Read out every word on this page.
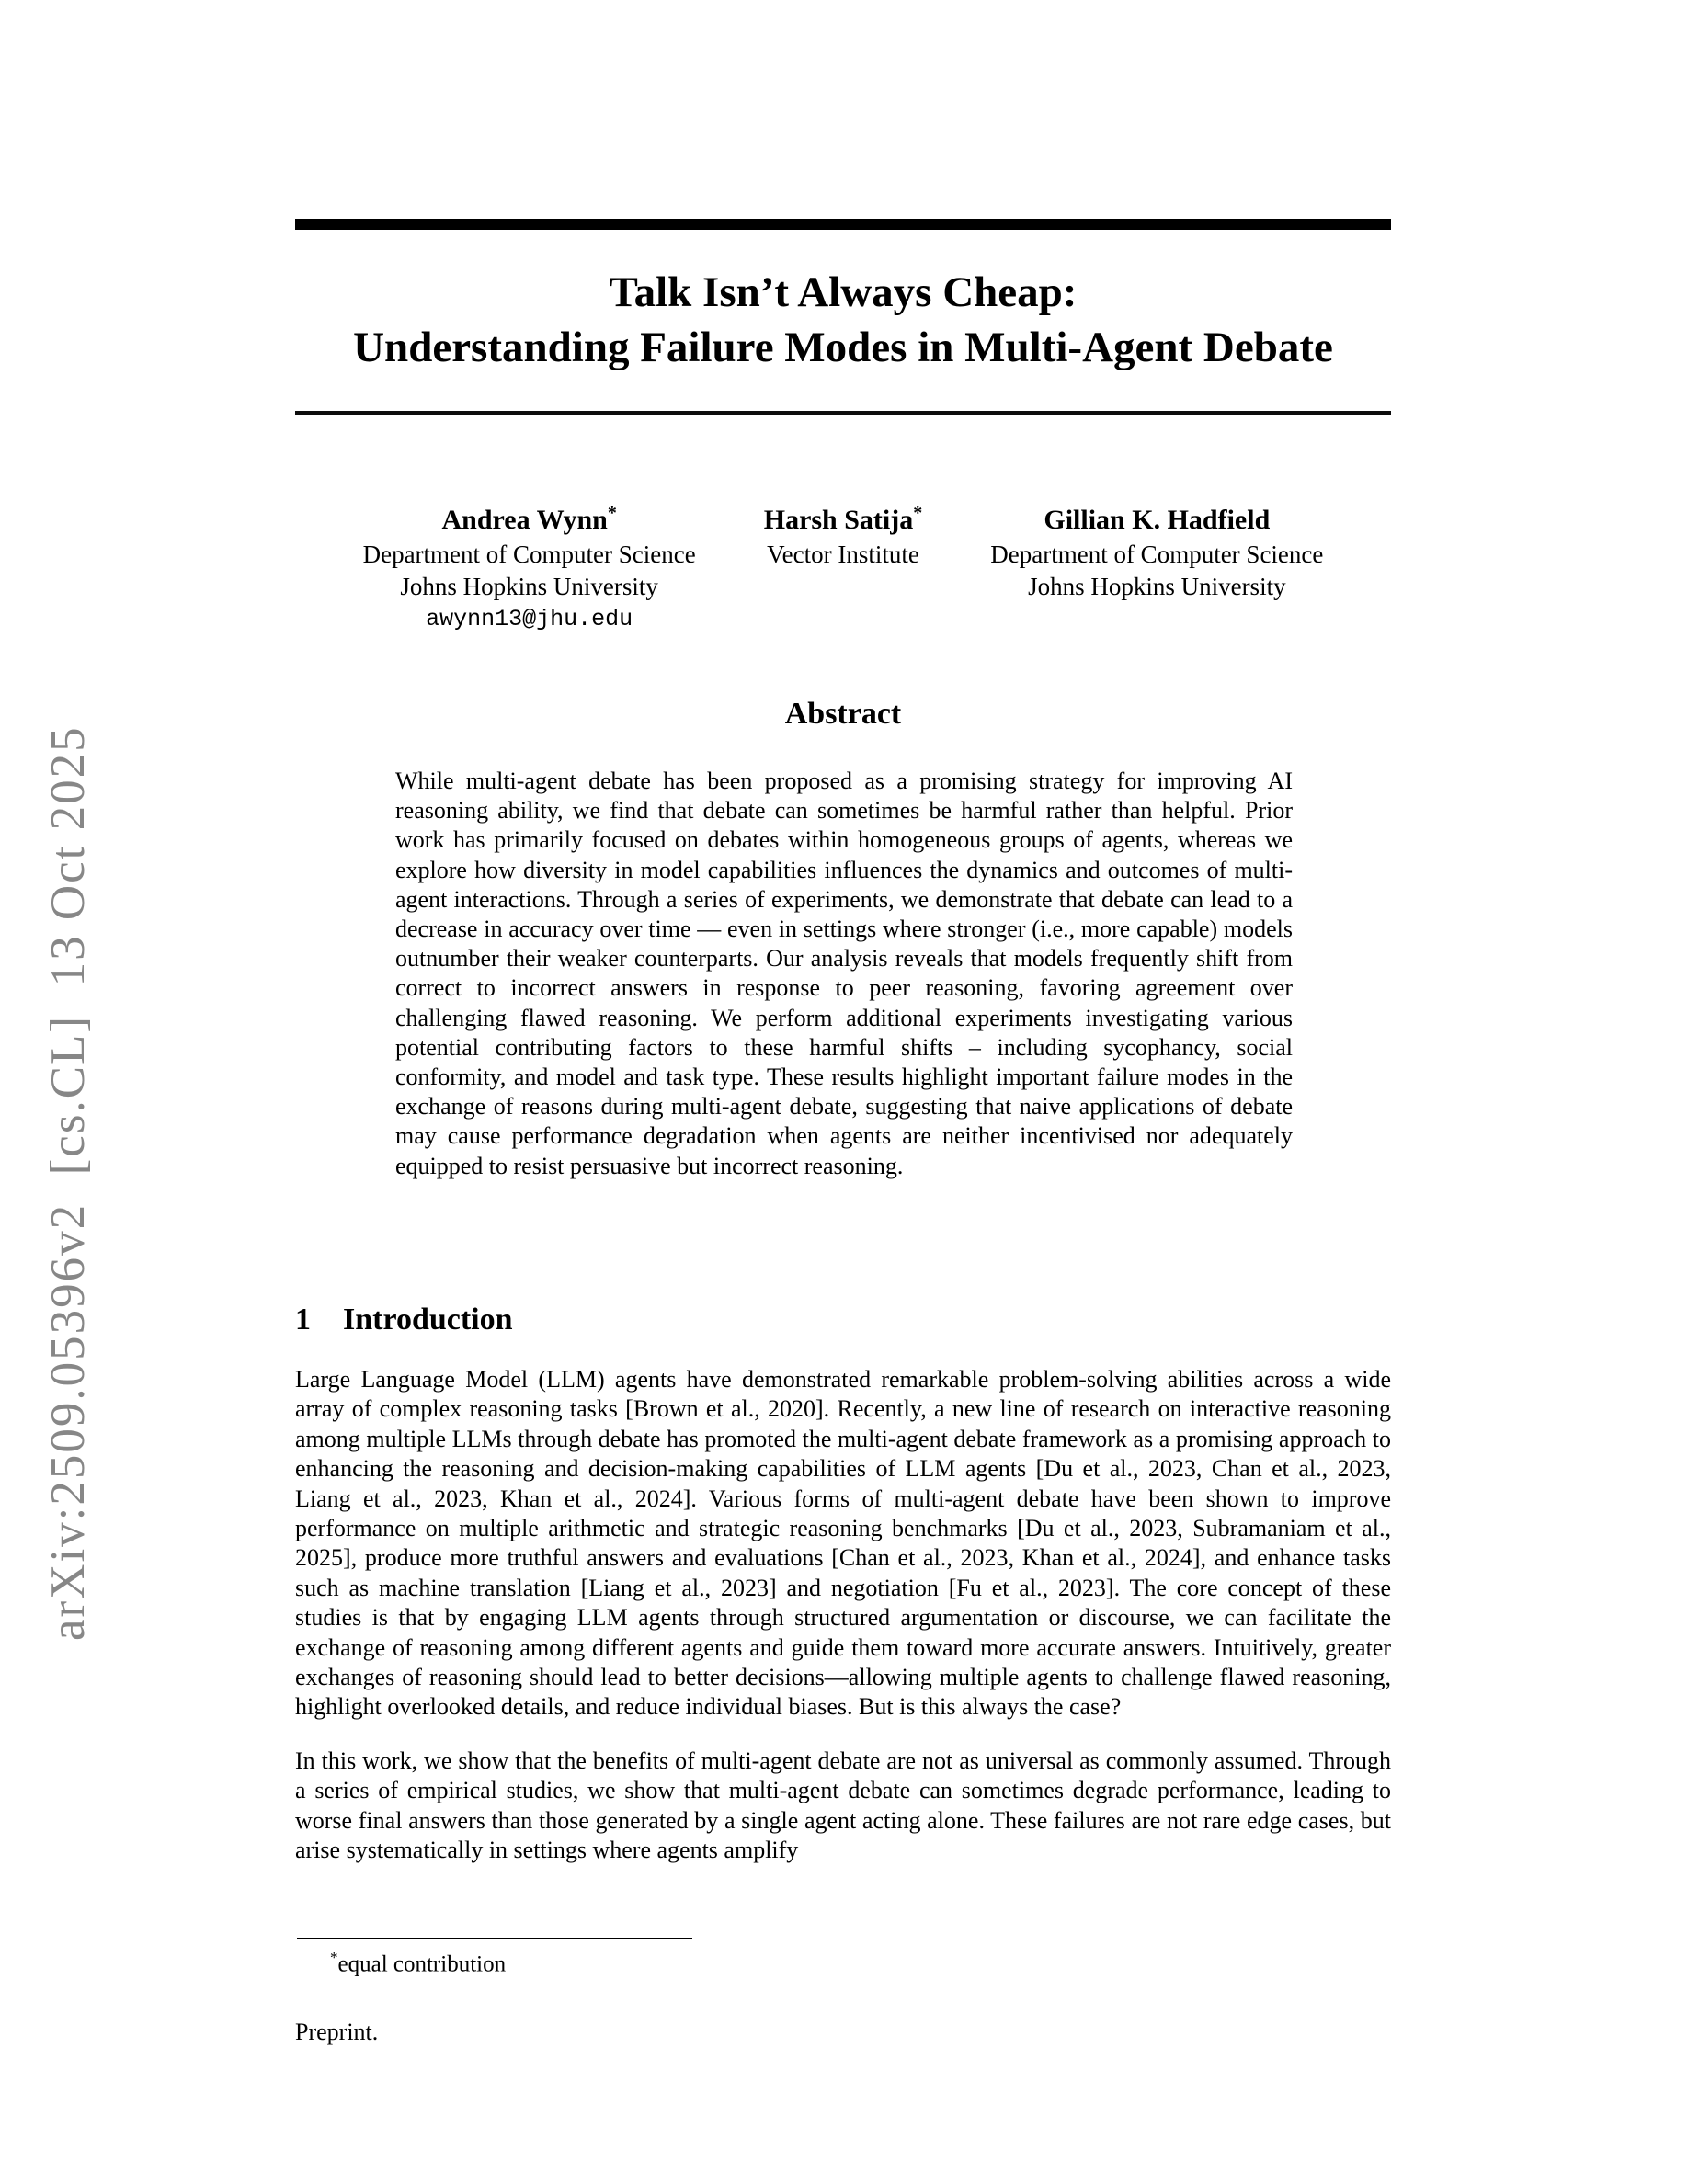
arXiv:2509.05396v2  [cs.CL]  13 Oct 2025
Talk Isn’t Always Cheap:
Understanding Failure Modes in Multi-Agent Debate
Andrea Wynn*
Department of Computer Science
Johns Hopkins University
awynn13@jhu.edu
Harsh Satija*
Vector Institute
Gillian K. Hadfield
Department of Computer Science
Johns Hopkins University
Abstract
While multi-agent debate has been proposed as a promising strategy for improving AI reasoning ability, we find that debate can sometimes be harmful rather than helpful. Prior work has primarily focused on debates within homogeneous groups of agents, whereas we explore how diversity in model capabilities influences the dynamics and outcomes of multi-agent interactions. Through a series of experiments, we demonstrate that debate can lead to a decrease in accuracy over time — even in settings where stronger (i.e., more capable) models outnumber their weaker counterparts. Our analysis reveals that models frequently shift from correct to incorrect answers in response to peer reasoning, favoring agreement over challenging flawed reasoning. We perform additional experiments investigating various potential contributing factors to these harmful shifts – including sycophancy, social conformity, and model and task type. These results highlight important failure modes in the exchange of reasons during multi-agent debate, suggesting that naive applications of debate may cause performance degradation when agents are neither incentivised nor adequately equipped to resist persuasive but incorrect reasoning.
1 Introduction

Large Language Model (LLM) agents have demonstrated remarkable problem-solving abilities across a wide array of complex reasoning tasks [Brown et al., 2020]. Recently, a new line of research on interactive reasoning among multiple LLMs through debate has promoted the multi-agent debate framework as a promising approach to enhancing the reasoning and decision-making capabilities of LLM agents [Du et al., 2023, Chan et al., 2023, Liang et al., 2023, Khan et al., 2024]. Various forms of multi-agent debate have been shown to improve performance on multiple arithmetic and strategic reasoning benchmarks [Du et al., 2023, Subramaniam et al., 2025], produce more truthful answers and evaluations [Chan et al., 2023, Khan et al., 2024], and enhance tasks such as machine translation [Liang et al., 2023] and negotiation [Fu et al., 2023]. The core concept of these studies is that by engaging LLM agents through structured argumentation or discourse, we can facilitate the exchange of reasoning among different agents and guide them toward more accurate answers. Intuitively, greater exchanges of reasoning should lead to better decisions—allowing multiple agents to challenge flawed reasoning, highlight overlooked details, and reduce individual biases. But is this always the case?

In this work, we show that the benefits of multi-agent debate are not as universal as commonly assumed. Through a series of empirical studies, we show that multi-agent debate can sometimes degrade performance, leading to worse final answers than those generated by a single agent acting alone. These failures are not rare edge cases, but arise systematically in settings where agents amplify

*equal contribution
Preprint.
